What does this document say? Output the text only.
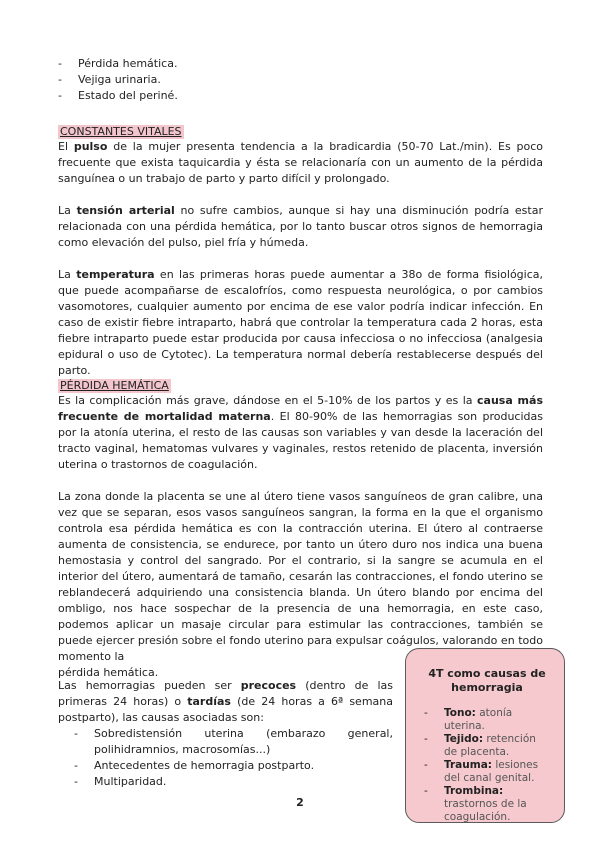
- Pérdida hemática.
- Vejiga urinaria.
- Estado del periné.
CONSTANTES VITALES
El pulso de la mujer presenta tendencia a la bradicardia (50-70 Lat./min). Es poco frecuente que exista taquicardia y ésta se relacionaría con un aumento de la pérdida sanguínea o un trabajo de parto y parto difícil y prolongado.
La tensión arterial no sufre cambios, aunque si hay una disminución podría estar relacionada con una pérdida hemática, por lo tanto buscar otros signos de hemorragia como elevación del pulso, piel fría y húmeda.
La temperatura en las primeras horas puede aumentar a 38o de forma fisiológica, que puede acompañarse de escalofríos, como respuesta neurológica, o por cambios vasomotores, cualquier aumento por encima de ese valor podría indicar infección. En caso de existir fiebre intraparto, habrá que controlar la temperatura cada 2 horas, esta fiebre intraparto puede estar producida por causa infecciosa o no infecciosa (analgesia epidural o uso de Cytotec). La temperatura normal debería restablecerse después del parto.
PÉRDIDA HEMÁTICA
Es la complicación más grave, dándose en el 5-10% de los partos y es la causa más frecuente de mortalidad materna. El 80-90% de las hemorragias son producidas por la atonía uterina, el resto de las causas son variables y van desde la laceración del tracto vaginal, hematomas vulvares y vaginales, restos retenido de placenta, inversión uterina o trastornos de coagulación.
La zona donde la placenta se une al útero tiene vasos sanguíneos de gran calibre, una vez que se separan, esos vasos sanguíneos sangran, la forma en la que el organismo controla esa pérdida hemática es con la contracción uterina. El útero al contraerse aumenta de consistencia, se endurece, por tanto un útero duro nos indica una buena hemostasia y control del sangrado. Por el contrario, si la sangre se acumula en el interior del útero, aumentará de tamaño, cesarán las contracciones, el fondo uterino se reblandecerá adquiriendo una consistencia blanda. Un útero blando por encima del ombligo, nos hace sospechar de la presencia de una hemorragia, en este caso, podemos aplicar un masaje circular para estimular las contracciones, también se puede ejercer presión sobre el fondo uterino para expulsar coágulos, valorando en todo momento la
pérdida hemática.
Las hemorragias pueden ser precoces (dentro de las primeras 24 horas) o tardías (de 24 horas a 6ª semana postparto), las causas asociadas son:
- Sobredistensión uterina (embarazo general, polihidramnios, macrosomías...)
- Antecedentes de hemorragia postparto.
- Multiparidad.
4T como causas de hemorragia
- Tono: atonía uterina.
- Tejido: retención de placenta.
- Trauma: lesiones del canal genital.
- Trombina: trastornos de la coagulación.
2
